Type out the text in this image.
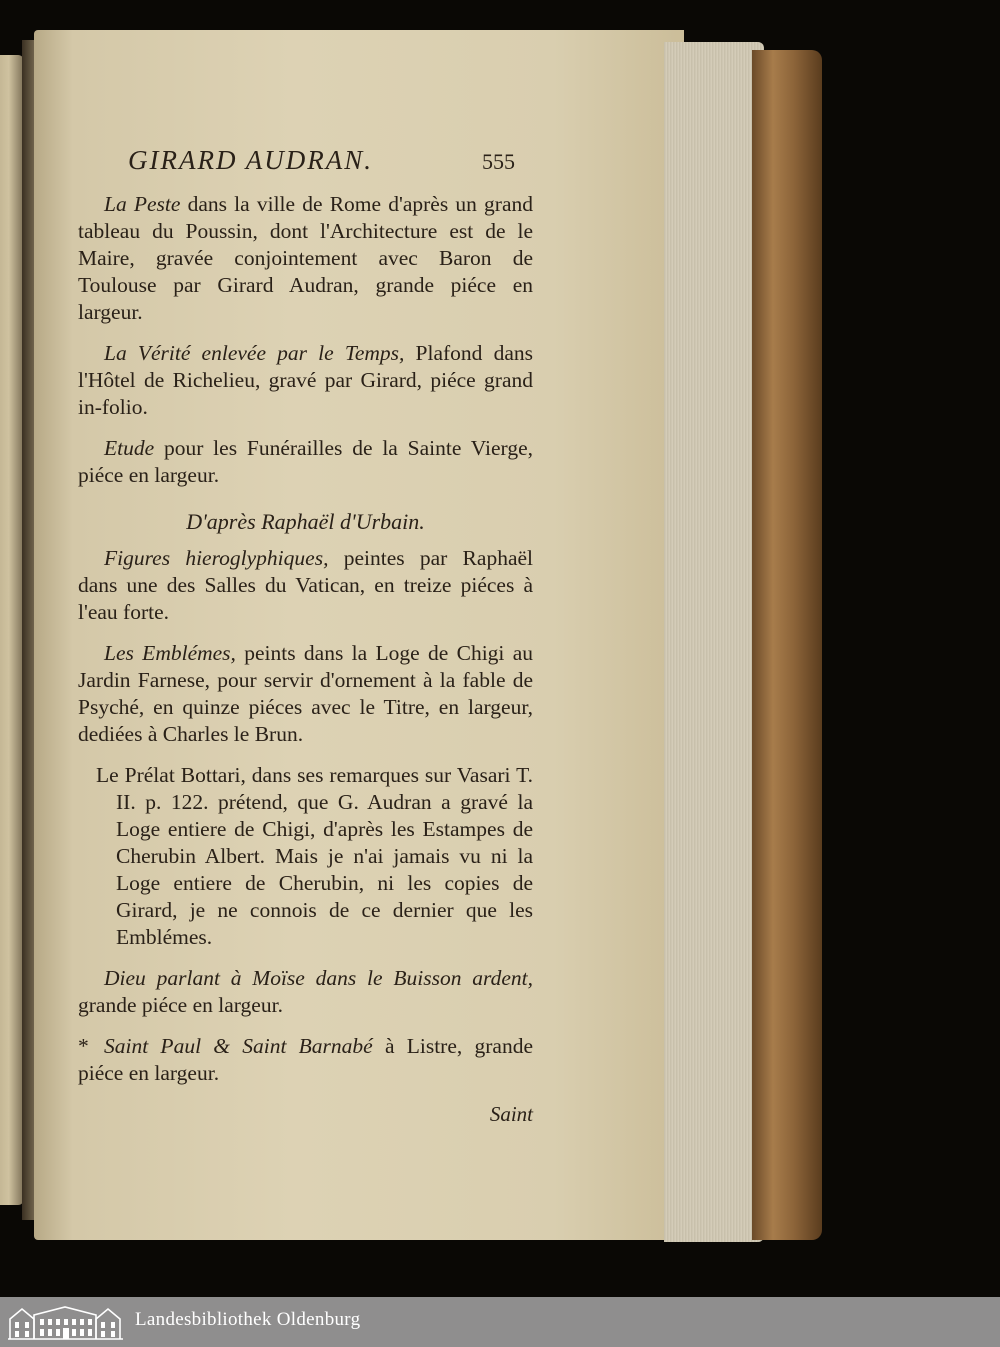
GIRARD AUDRAN.	555

La Peste dans la ville de Rome d'après un grand tableau du Poussin, dont l'Architecture est de le Maire, gravée conjointement avec Baron de Toulouse par Girard Audran, grande piéce en largeur.

La Vérité enlevée par le Temps, Plafond dans l'Hôtel de Richelieu, gravé par Girard, piéce grand in-folio.

Etude pour les Funérailles de la Sainte Vierge, piéce en largeur.

D'après Raphaël d'Urbain.

Figures hieroglyphiques, peintes par Raphaël dans une des Salles du Vatican, en treize piéces à l'eau forte.

Les Emblémes, peints dans la Loge de Chigi au Jardin Farnese, pour servir d'ornement à la fable de Psyché, en quinze piéces avec le Titre, en largeur, dediées à Charles le Brun.

Le Prélat Bottari, dans ses remarques sur Vasari T. II. p. 122. prétend, que G. Audran a gravé la Loge entiere de Chigi, d'après les Estampes de Cherubin Albert. Mais je n'ai jamais vu ni la Loge entiere de Cherubin, ni les copies de Girard, je ne connois de ce dernier que les Emblémes.

Dieu parlant à Moïse dans le Buisson ardent, grande piéce en largeur.

* Saint Paul & Saint Barnabé à Listre, grande piéce en largeur.

Saint

Landesbibliothek Oldenburg
